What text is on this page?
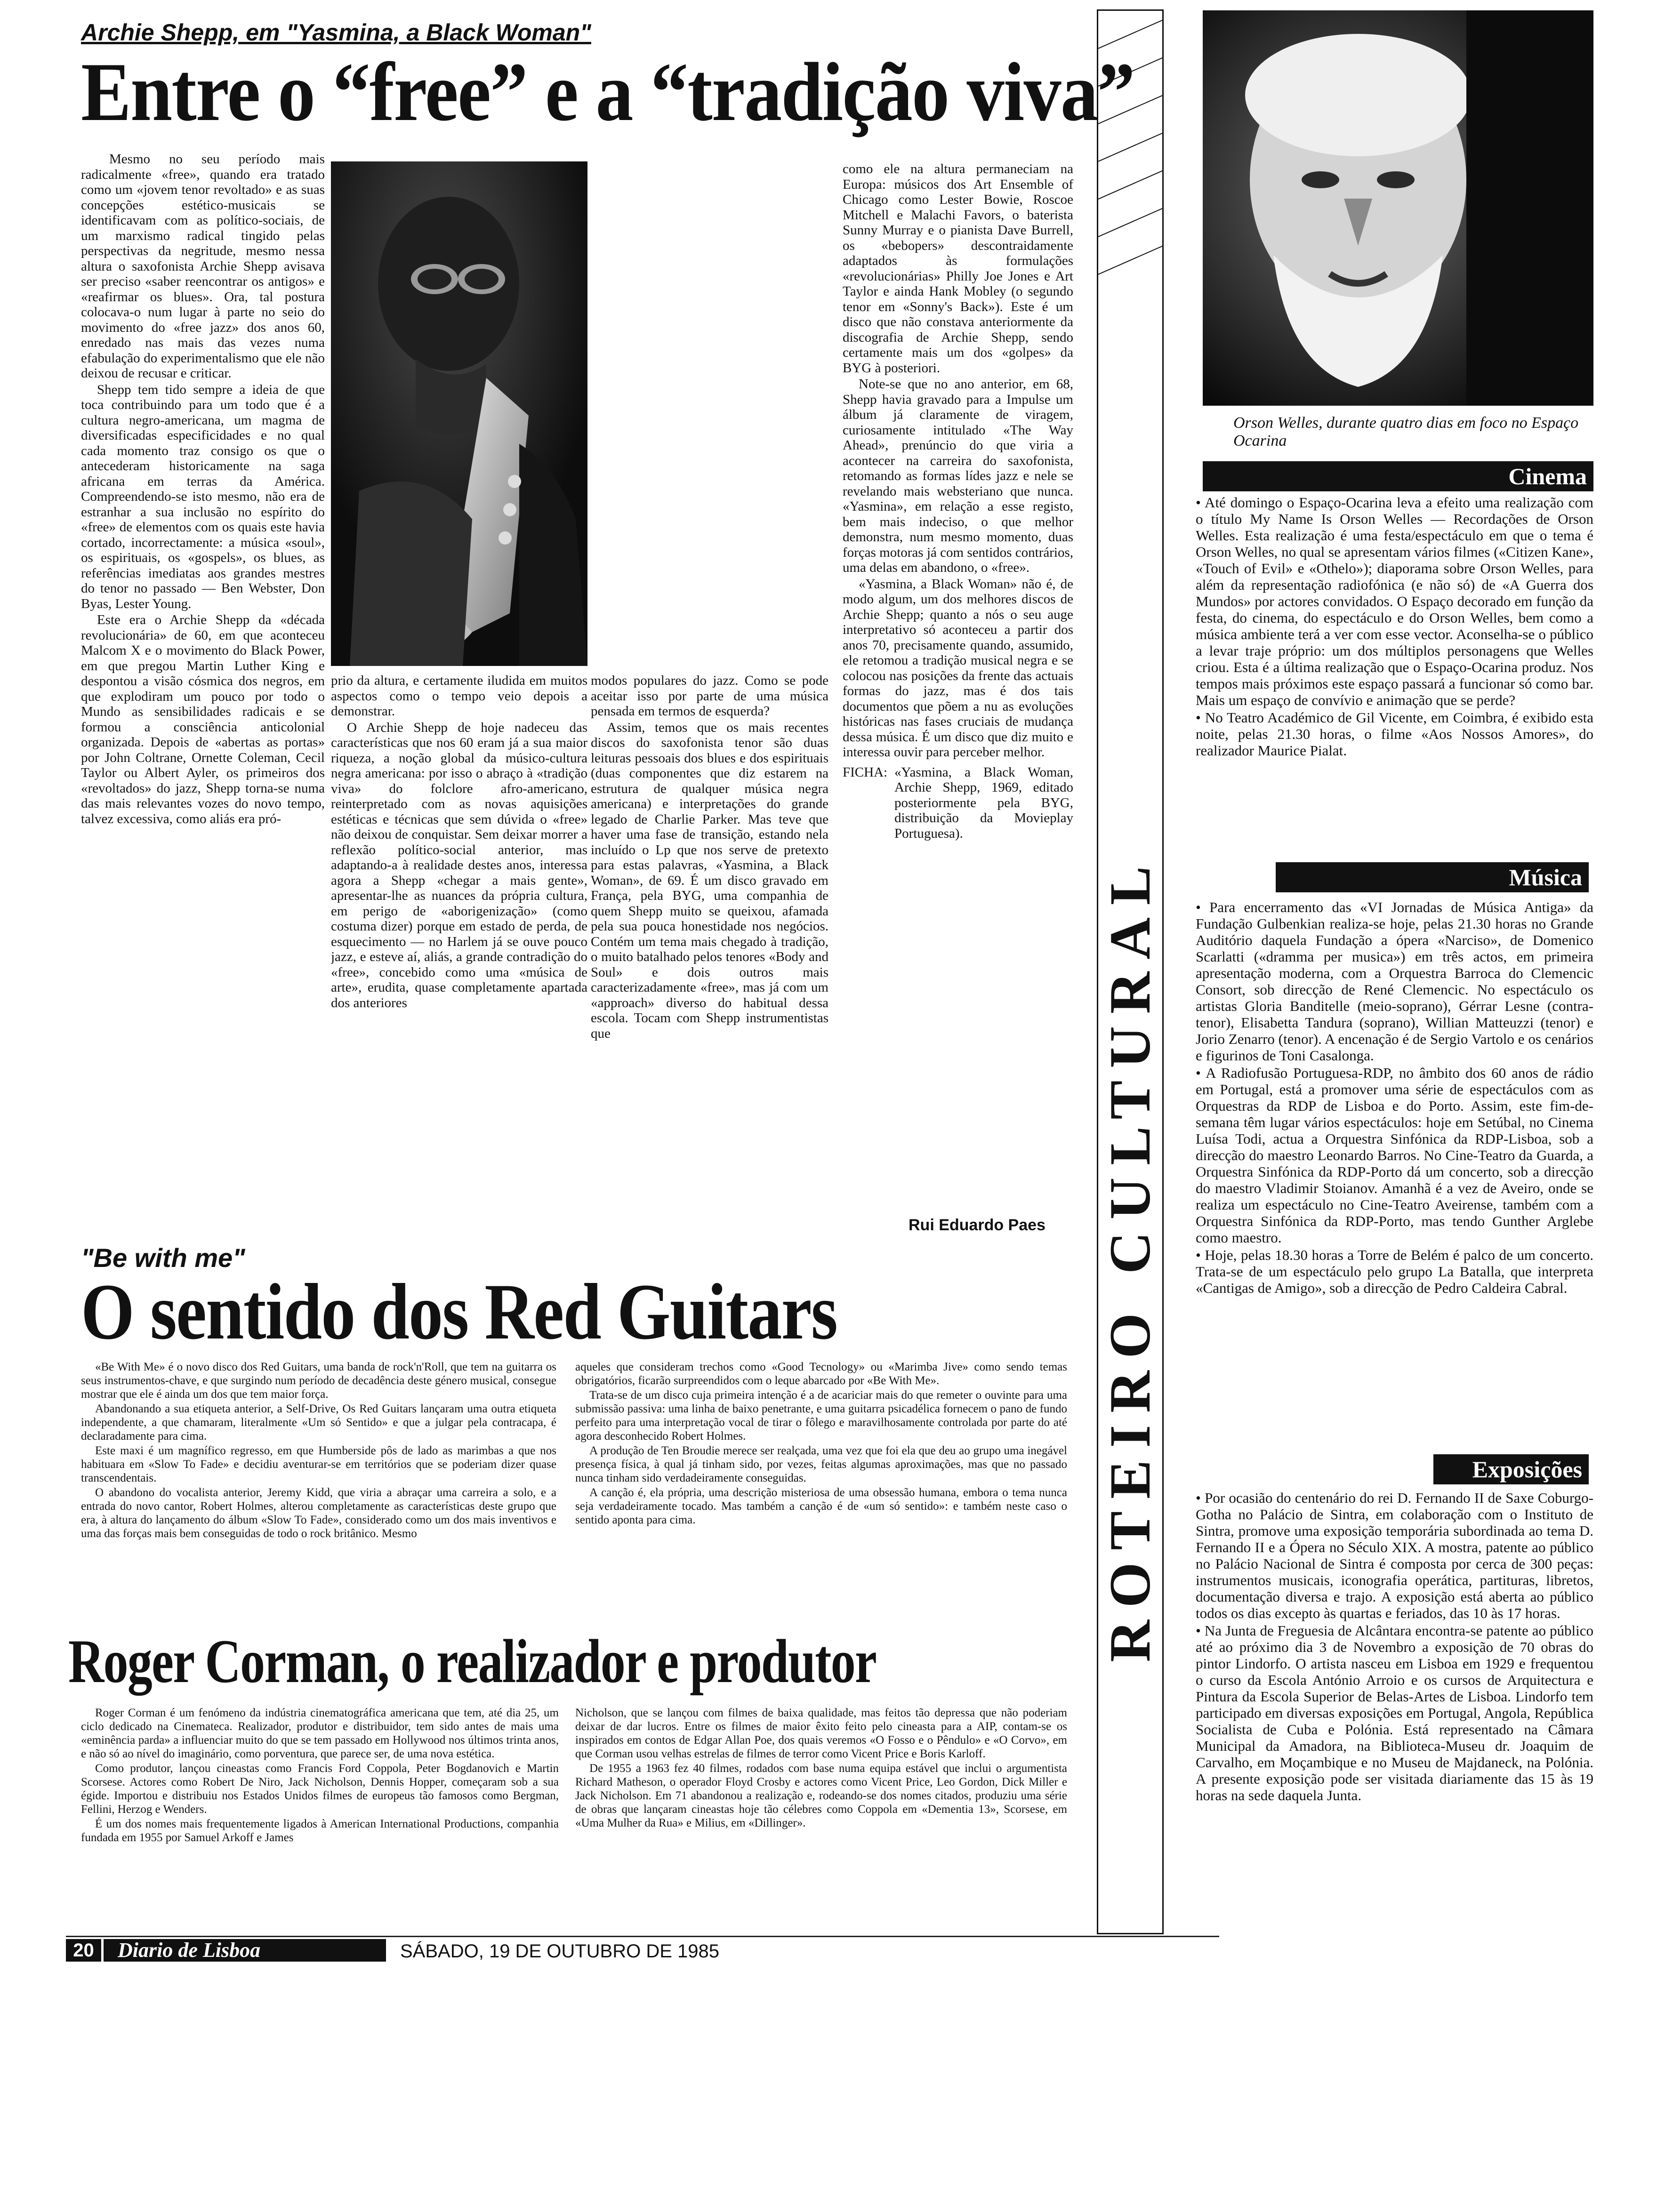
Archie Shepp, em "Yasmina, a Black Woman"
Entre o “free” e a “tradição viva”

Mesmo no seu período mais radicalmente «free», quando era tratado como um «jovem tenor revoltado» e as suas concepções estético-musicais se identificavam com as político-sociais, de um marxismo radical tingido pelas perspectivas da negritude, mesmo nessa altura o saxofonista Archie Shepp avisava ser preciso «saber reencontrar os antigos» e «reafirmar os blues». Ora, tal postura colocava-o num lugar à parte no seio do movimento do «free jazz» dos anos 60, enredado nas mais das vezes numa efabulação do experimentalismo que ele não deixou de recusar e criticar.

Shepp tem tido sempre a ideia de que toca contribuindo para um todo que é a cultura negro-americana, um magma de diversificadas especificidades e no qual cada momento traz consigo os que o antecederam historicamente na saga africana em terras da América. Compreendendo-se isto mesmo, não era de estranhar a sua inclusão no espírito do «free» de elementos com os quais este havia cortado, incorrectamente: a música «soul», os espirituais, os «gospels», os blues, as referências imediatas aos grandes mestres do tenor no passado — Ben Webster, Don Byas, Lester Young.

Este era o Archie Shepp da «década revolucionária» de 60, em que aconteceu Malcom X e o movimento do Black Power, em que pregou Martin Luther King e despontou a visão cósmica dos negros, em que explodiram um pouco por todo o Mundo as sensibilidades radicais e se formou a consciência anticolonial organizada. Depois de «abertas as portas» por John Coltrane, Ornette Coleman, Cecil Taylor ou Albert Ayler, os primeiros dos «revoltados» do jazz, Shepp torna-se numa das mais relevantes vozes do novo tempo, talvez excessiva, como aliás era pró-

prio da altura, e certamente iludida em muitos aspectos como o tempo veio depois a demonstrar.

O Archie Shepp de hoje nadeceu das características que nos 60 eram já a sua maior riqueza, a noção global da músico-cultura negra americana: por isso o abraço à «tradição viva» do folclore afro-americano, reinterpretado com as novas aquisições estéticas e técnicas que sem dúvida o «free» não deixou de conquistar. Sem deixar morrer a reflexão político-social anterior, mas adaptando-a à realidade destes anos, interessa agora a Shepp «chegar a mais gente», apresentar-lhe as nuances da própria cultura, em perigo de «aborigenização» (como costuma dizer) porque em estado de perda, de esquecimento — no Harlem já se ouve pouco jazz, e esteve aí, aliás, a grande contradição do «free», concebido como uma «música de arte», erudita, quase completamente apartada dos anteriores

modos populares do jazz. Como se pode aceitar isso por parte de uma música pensada em termos de esquerda?

Assim, temos que os mais recentes discos do saxofonista tenor são duas leituras pessoais dos blues e dos espirituais (duas componentes que diz estarem na estrutura de qualquer música negra americana) e interpretações do grande legado de Charlie Parker. Mas teve que haver uma fase de transição, estando nela incluído o Lp que nos serve de pretexto para estas palavras, «Yasmina, a Black Woman», de 69. É um disco gravado em França, pela BYG, uma companhia de quem Shepp muito se queixou, afamada pela sua pouca honestidade nos negócios. Contém um tema mais chegado à tradição, o muito batalhado pelos tenores «Body and Soul» e dois outros mais caracterizadamente «free», mas já com um «approach» diverso do habitual dessa escola. Tocam com Shepp instrumentistas que

como ele na altura permaneciam na Europa: músicos dos Art Ensemble of Chicago como Lester Bowie, Roscoe Mitchell e Malachi Favors, o baterista Sunny Murray e o pianista Dave Burrell, os «bebopers» descontraidamente adaptados às formulações «revolucionárias» Philly Joe Jones e Art Taylor e ainda Hank Mobley (o segundo tenor em «Sonny's Back»). Este é um disco que não constava anteriormente da discografia de Archie Shepp, sendo certamente mais um dos «golpes» da BYG à posteriori.

Note-se que no ano anterior, em 68, Shepp havia gravado para a Impulse um álbum já claramente de viragem, curiosamente intitulado «The Way Ahead», prenúncio do que viria a acontecer na carreira do saxofonista, retomando as formas lídes jazz e nele se revelando mais websteriano que nunca. «Yasmina», em relação a esse registo, bem mais indeciso, o que melhor demonstra, num mesmo momento, duas forças motoras já com sentidos contrários, uma delas em abandono, o «free».

«Yasmina, a Black Woman» não é, de modo algum, um dos melhores discos de Archie Shepp; quanto a nós o seu auge interpretativo só aconteceu a partir dos anos 70, precisamente quando, assumido, ele retomou a tradição musical negra e se colocou nas posições da frente das actuais formas do jazz, mas é dos tais documentos que põem a nu as evoluções históricas nas fases cruciais de mudança dessa música. É um disco que diz muito e interessa ouvir para perceber melhor.

FICHA: «Yasmina, a Black Woman, Archie Shepp, 1969, editado posteriormente pela BYG, distribuição da Movieplay Portuguesa).
Rui Eduardo Paes
"Be with me"
O sentido dos Red Guitars

«Be With Me» é o novo disco dos Red Guitars, uma banda de rock'n'Roll, que tem na guitarra os seus instrumentos-chave, e que surgindo num período de decadência deste género musical, consegue mostrar que ele é ainda um dos que tem maior força.

Abandonando a sua etiqueta anterior, a Self-Drive, Os Red Guitars lançaram uma outra etiqueta independente, a que chamaram, literalmente «Um só Sentido» e que a julgar pela contracapa, é declaradamente para cima.

Este maxi é um magnífico regresso, em que Humberside pôs de lado as marimbas a que nos habituara em «Slow To Fade» e decidiu aventurar-se em territórios que se poderiam dizer quase transcendentais.

O abandono do vocalista anterior, Jeremy Kidd, que viria a abraçar uma carreira a solo, e a entrada do novo cantor, Robert Holmes, alterou completamente as características deste grupo que era, à altura do lançamento do álbum «Slow To Fade», considerado como um dos mais inventivos e uma das forças mais bem conseguidas de todo o rock britânico. Mesmo

aqueles que consideram trechos como «Good Tecnology» ou «Marimba Jive» como sendo temas obrigatórios, ficarão surpreendidos com o leque abarcado por «Be With Me».

Trata-se de um disco cuja primeira intenção é a de acariciar mais do que remeter o ouvinte para uma submissão passiva: uma linha de baixo penetrante, e uma guitarra psicadélica fornecem o pano de fundo perfeito para uma interpretação vocal de tirar o fôlego e maravilhosamente controlada por parte do até agora desconhecido Robert Holmes.

A produção de Ten Broudie merece ser realçada, uma vez que foi ela que deu ao grupo uma inegável presença física, à qual já tinham sido, por vezes, feitas algumas aproximações, mas que no passado nunca tinham sido verdadeiramente conseguidas.

A canção é, ela própria, uma descrição misteriosa de uma obsessão humana, embora o tema nunca seja verdadeiramente tocado. Mas também a canção é de «um só sentido»: e também neste caso o sentido aponta para cima.

Roger Corman, o realizador e produtor

Roger Corman é um fenómeno da indústria cinematográfica americana que tem, até dia 25, um ciclo dedicado na Cinemateca. Realizador, produtor e distribuidor, tem sido antes de mais uma «eminência parda» a influenciar muito do que se tem passado em Hollywood nos últimos trinta anos, e não só ao nível do imaginário, como porventura, que parece ser, de uma nova estética.

Como produtor, lançou cineastas como Francis Ford Coppola, Peter Bogdanovich e Martin Scorsese. Actores como Robert De Niro, Jack Nicholson, Dennis Hopper, começaram sob a sua égide. Importou e distribuiu nos Estados Unidos filmes de europeus tão famosos como Bergman, Fellini, Herzog e Wenders.

É um dos nomes mais frequentemente ligados à American International Productions, companhia fundada em 1955 por Samuel Arkoff e James

Nicholson, que se lançou com filmes de baixa qualidade, mas feitos tão depressa que não poderiam deixar de dar lucros. Entre os filmes de maior êxito feito pelo cineasta para a AIP, contam-se os inspirados em contos de Edgar Allan Poe, dos quais veremos «O Fosso e o Pêndulo» e «O Corvo», em que Corman usou velhas estrelas de filmes de terror como Vicent Price e Boris Karloff.

De 1955 a 1963 fez 40 filmes, rodados com base numa equipa estável que inclui o argumentista Richard Matheson, o operador Floyd Crosby e actores como Vicent Price, Leo Gordon, Dick Miller e Jack Nicholson. Em 71 abandonou a realização e, rodeando-se dos nomes citados, produziu uma série de obras que lançaram cineastas hoje tão célebres como Coppola em «Dementia 13», Scorsese, em «Uma Mulher da Rua» e Milius, em «Dillinger».

20	Diario de Lisboa	SÁBADO, 19 DE OUTUBRO DE 1985
ROTEIRO CULTURAL
Orson Welles, durante quatro dias em foco no Espaço Ocarina
Cinema

• Até domingo o Espaço-Ocarina leva a efeito uma realização com o título My Name Is Orson Welles — Recordações de Orson Welles. Esta realização é uma festa/espectáculo em que o tema é Orson Welles, no qual se apresentam vários filmes («Citizen Kane», «Touch of Evil» e «Othelo»); diaporama sobre Orson Welles, para além da representação radiofónica (e não só) de «A Guerra dos Mundos» por actores convidados. O Espaço decorado em função da festa, do cinema, do espectáculo e do Orson Welles, bem como a música ambiente terá a ver com esse vector. Aconselha-se o público a levar traje próprio: um dos múltiplos personagens que Welles criou. Esta é a última realização que o Espaço-Ocarina produz. Nos tempos mais próximos este espaço passará a funcionar só como bar. Mais um espaço de convívio e animação que se perde?

• No Teatro Académico de Gil Vicente, em Coimbra, é exibido esta noite, pelas 21.30 horas, o filme «Aos Nossos Amores», do realizador Maurice Pialat.

Música

• Para encerramento das «VI Jornadas de Música Antiga» da Fundação Gulbenkian realiza-se hoje, pelas 21.30 horas no Grande Auditório daquela Fundação a ópera «Narciso», de Domenico Scarlatti («dramma per musica») em três actos, em primeira apresentação moderna, com a Orquestra Barroca do Clemencic Consort, sob direcção de René Clemencic. No espectáculo os artistas Gloria Banditelle (meio-soprano), Gérrar Lesne (contra-tenor), Elisabetta Tandura (soprano), Willian Matteuzzi (tenor) e Jorio Zenarro (tenor). A encenação é de Sergio Vartolo e os cenários e figurinos de Toni Casalonga.

• A Radiofusão Portuguesa-RDP, no âmbito dos 60 anos de rádio em Portugal, está a promover uma série de espectáculos com as Orquestras da RDP de Lisboa e do Porto. Assim, este fim-de-semana têm lugar vários espectáculos: hoje em Setúbal, no Cinema Luísa Todi, actua a Orquestra Sinfónica da RDP-Lisboa, sob a direcção do maestro Leonardo Barros. No Cine-Teatro da Guarda, a Orquestra Sinfónica da RDP-Porto dá um concerto, sob a direcção do maestro Vladimir Stoianov. Amanhã é a vez de Aveiro, onde se realiza um espectáculo no Cine-Teatro Aveirense, também com a Orquestra Sinfónica da RDP-Porto, mas tendo Gunther Arglebe como maestro.

• Hoje, pelas 18.30 horas a Torre de Belém é palco de um concerto. Trata-se de um espectáculo pelo grupo La Batalla, que interpreta «Cantigas de Amigo», sob a direcção de Pedro Caldeira Cabral.

Exposições

• Por ocasião do centenário do rei D. Fernando II de Saxe Coburgo-Gotha no Palácio de Sintra, em colaboração com o Instituto de Sintra, promove uma exposição temporária subordinada ao tema D. Fernando II e a Ópera no Século XIX. A mostra, patente ao público no Palácio Nacional de Sintra é composta por cerca de 300 peças: instrumentos musicais, iconografia operática, partituras, libretos, documentação diversa e trajo. A exposição está aberta ao público todos os dias excepto às quartas e feriados, das 10 às 17 horas.

• Na Junta de Freguesia de Alcântara encontra-se patente ao público até ao próximo dia 3 de Novembro a exposição de 70 obras do pintor Lindorfo. O artista nasceu em Lisboa em 1929 e frequentou o curso da Escola António Arroio e os cursos de Arquitectura e Pintura da Escola Superior de Belas-Artes de Lisboa. Lindorfo tem participado em diversas exposições em Portugal, Angola, República Socialista de Cuba e Polónia. Está representado na Câmara Municipal da Amadora, na Biblioteca-Museu dr. Joaquim de Carvalho, em Moçambique e no Museu de Majdaneck, na Polónia. A presente exposição pode ser visitada diariamente das 15 às 19 horas na sede daquela Junta.
